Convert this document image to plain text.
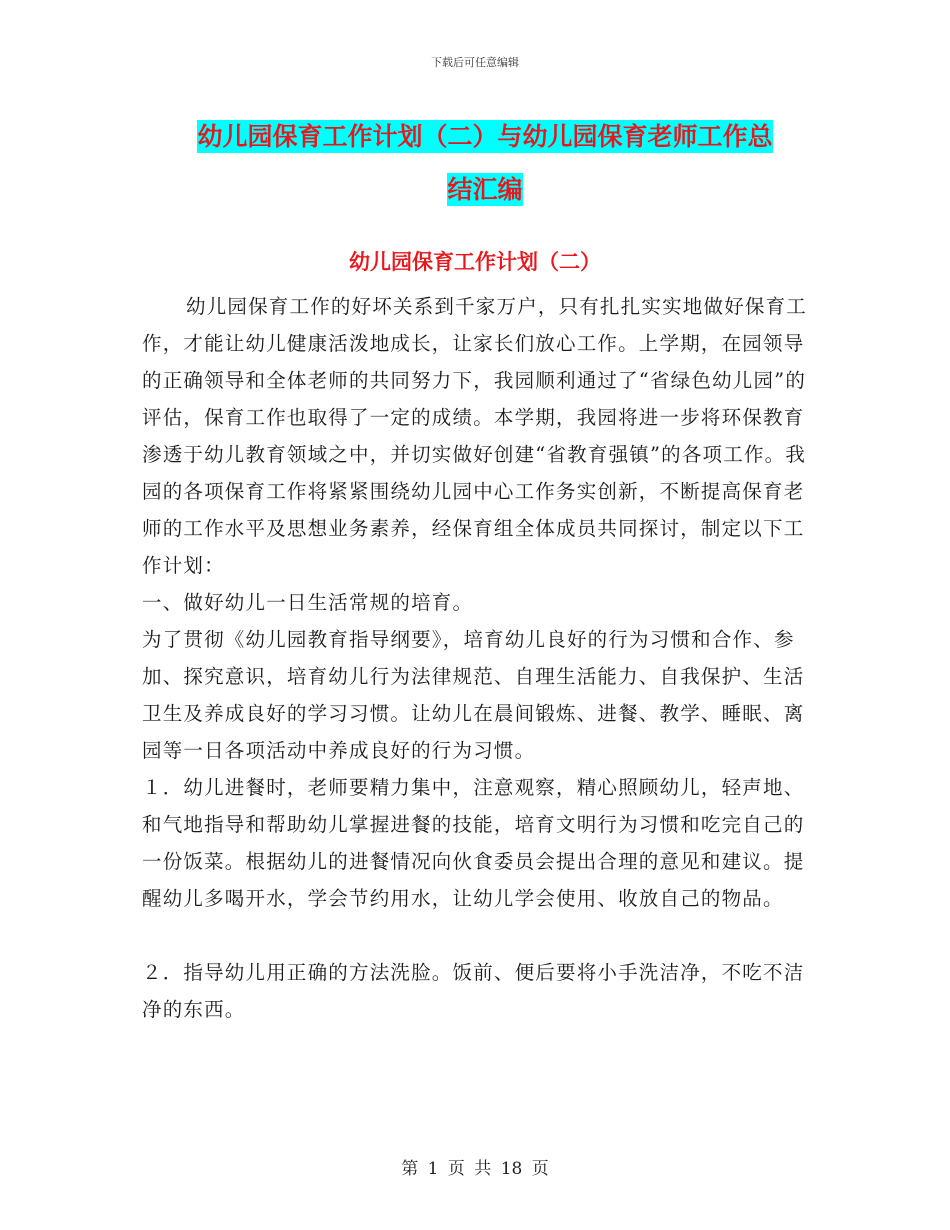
下载后可任意编辑
幼儿园保育工作计划（二）与幼儿园保育老师工作总
结汇编
幼儿园保育工作计划（二）

幼儿园保育工作的好坏关系到千家万户，只有扎扎实实地做好保育工作，才能让幼儿健康活泼地成长，让家长们放心工作。上学期，在园领导的正确领导和全体老师的共同努力下，我园顺利通过了“省绿色幼儿园”的评估，保育工作也取得了一定的成绩。本学期，我园将进一步将环保教育渗透于幼儿教育领域之中，并切实做好创建“省教育强镇”的各项工作。我园的各项保育工作将紧紧围绕幼儿园中心工作务实创新，不断提高保育老师的工作水平及思想业务素养，经保育组全体成员共同探讨，制定以下工作计划：

一、做好幼儿一日生活常规的培育。

为了贯彻《幼儿园教育指导纲要》，培育幼儿良好的行为习惯和合作、参加、探究意识，培育幼儿行为法律规范、自理生活能力、自我保护、生活卫生及养成良好的学习习惯。让幼儿在晨间锻炼、进餐、教学、睡眠、离园等一日各项活动中养成良好的行为习惯。

１．幼儿进餐时，老师要精力集中，注意观察，精心照顾幼儿，轻声地、和气地指导和帮助幼儿掌握进餐的技能，培育文明行为习惯和吃完自己的一份饭菜。根据幼儿的进餐情况向伙食委员会提出合理的意见和建议。提醒幼儿多喝开水，学会节约用水，让幼儿学会使用、收放自己的物品。

２．指导幼儿用正确的方法洗脸。饭前、便后要将小手洗洁净，不吃不洁净的东西。

第 1 页 共 18 页
